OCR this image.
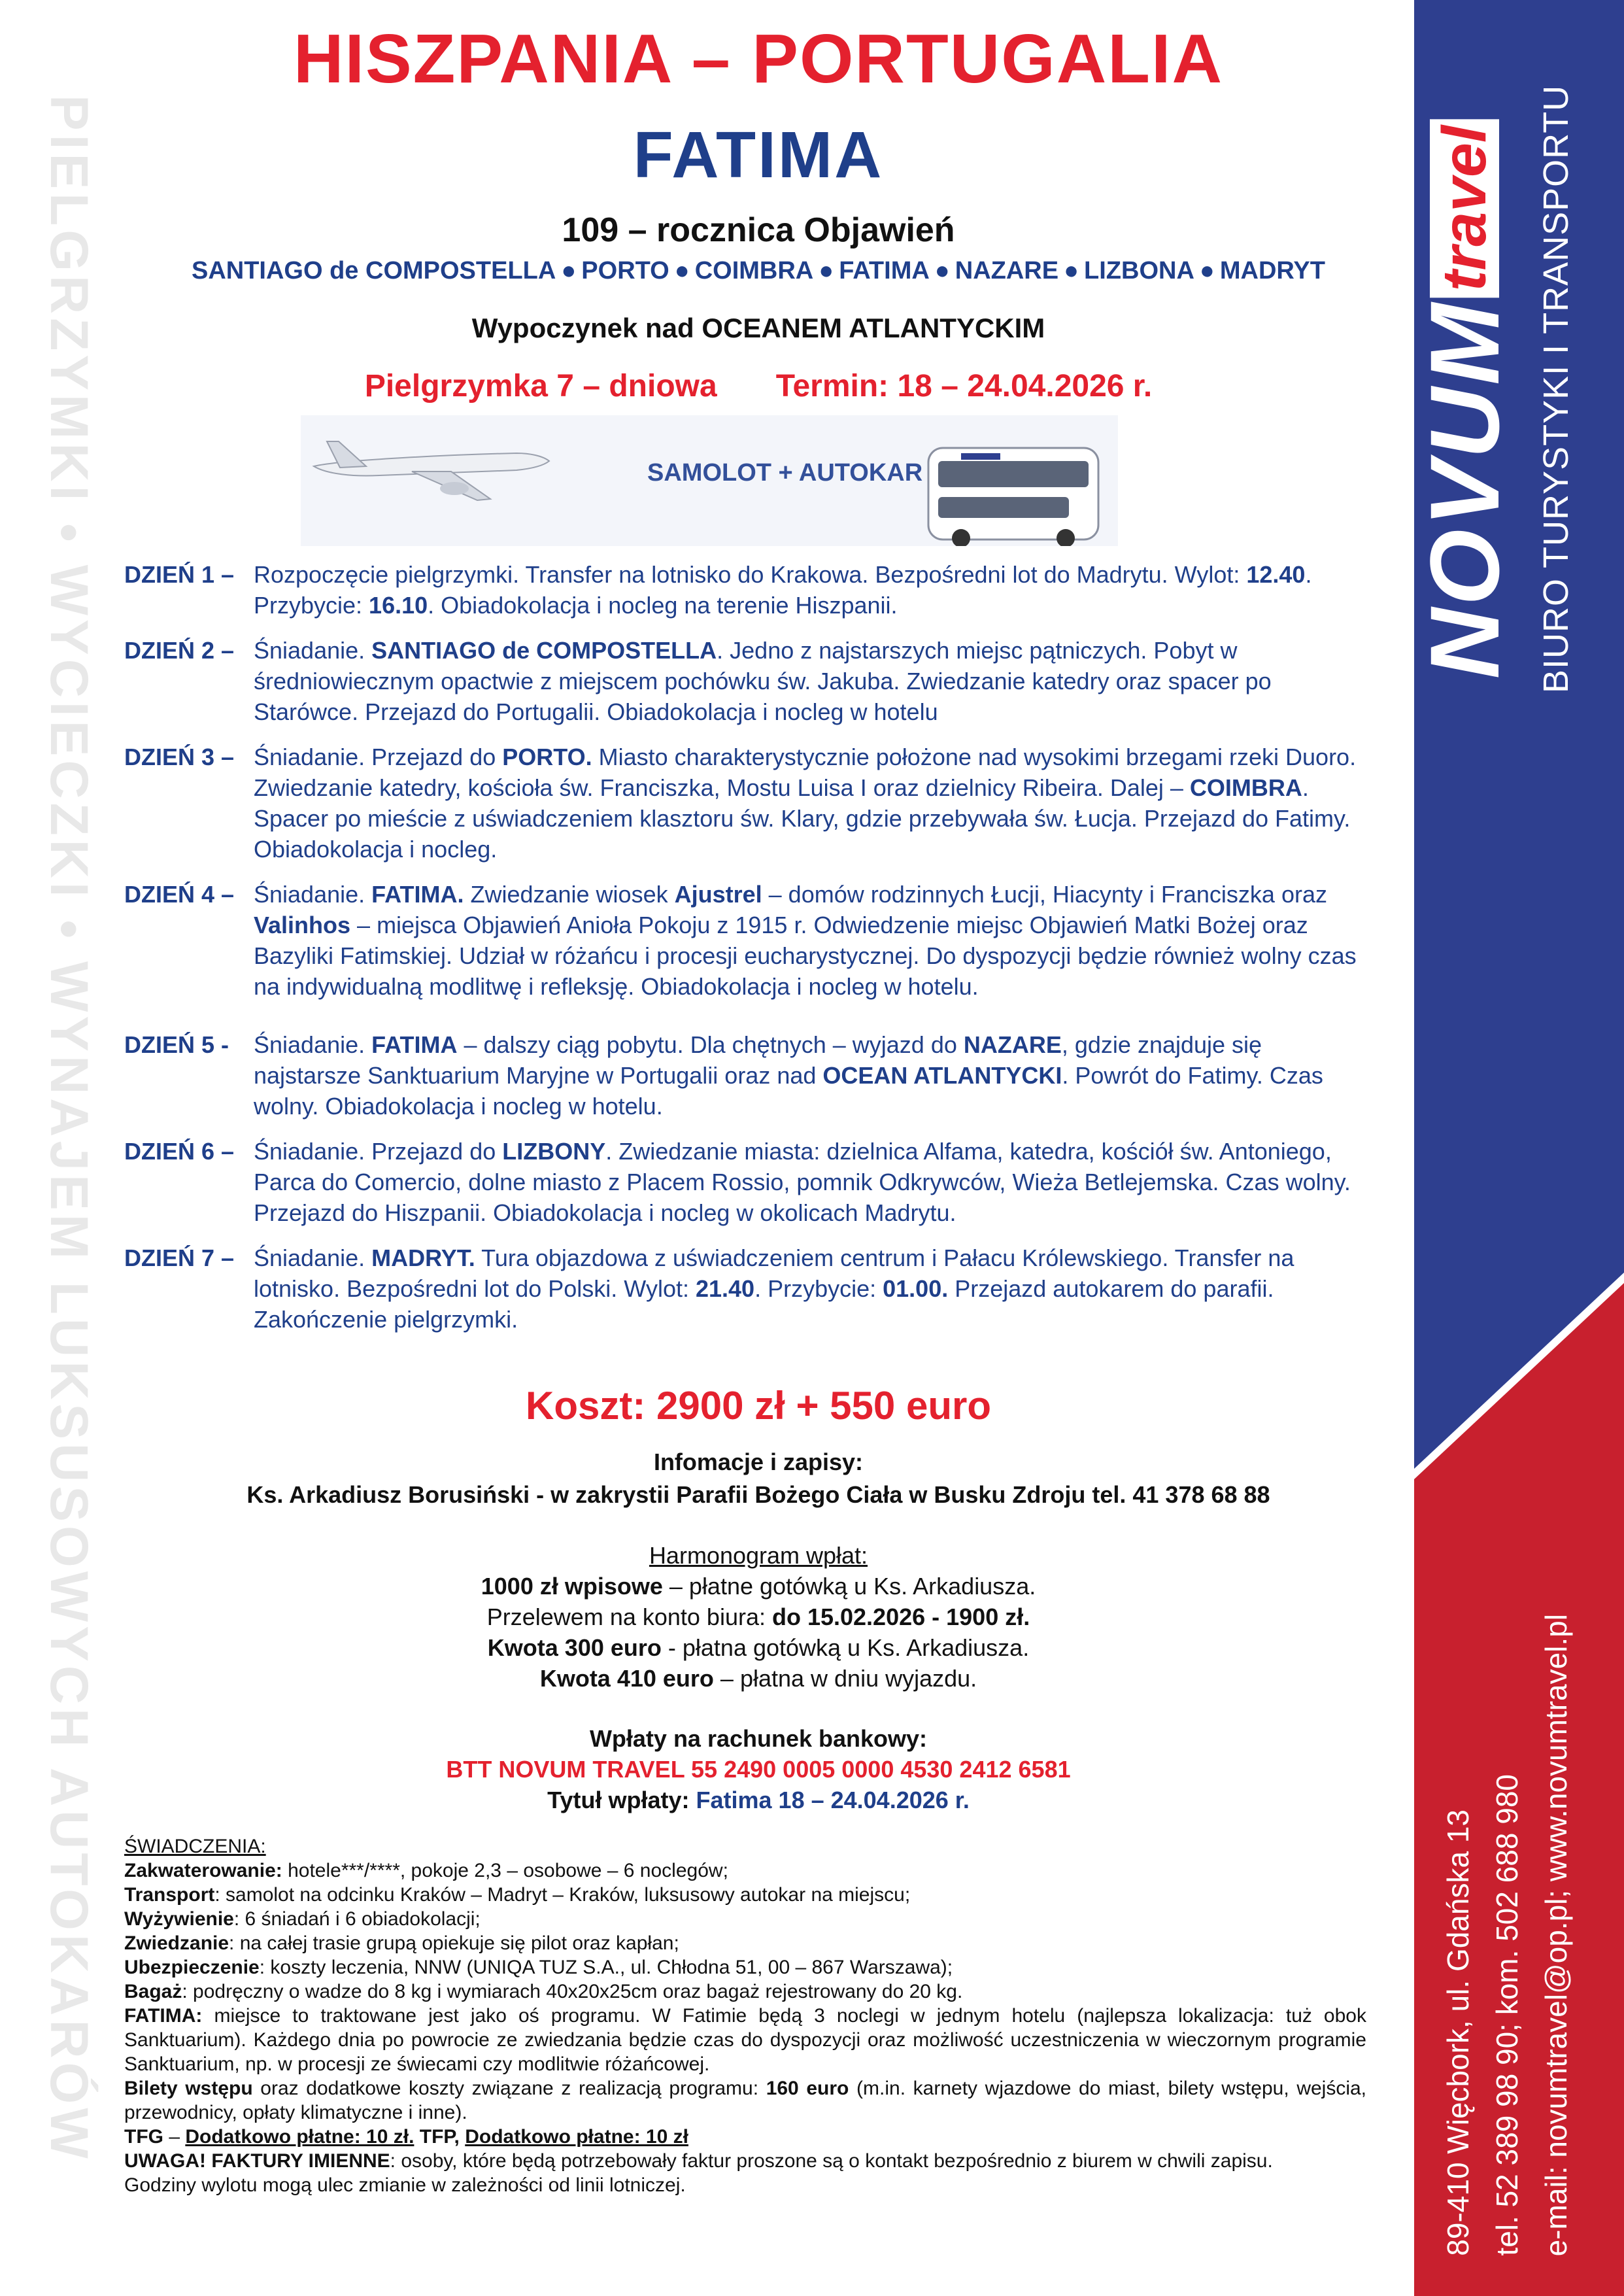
PIELGRZYMKI • WYCIECZKI • WYNAJEM LUKSUSOWYCH AUTOKARÓW	NOVUM travel	BIURO TURYSTYKI I TRANSPORTU
89-410 Więcbork, ul. Gdańska 13 tel. 52 389 98 90; kom. 502 688 980 e-mail: novumtravel@op.pl; www.novumtravel.pl
HISZPANIA – PORTUGALIA
FATIMA
109 – rocznica Objawień
SANTIAGO de COMPOSTELLA ● PORTO ● COIMBRA ● FATIMA ● NAZARE ● LIZBONA ● MADRYT
Wypoczynek nad OCEANEM ATLANTYCKIM
Pielgrzymka 7 – dniowa Termin: 18 – 24.04.2026 r.
SAMOLOT + AUTOKAR
DZIEŃ 1 – Rozpoczęcie pielgrzymki. Transfer na lotnisko do Krakowa. Bezpośredni lot do Madrytu. Wylot: 12.40. Przybycie: 16.10. Obiadokolacja i nocleg na terenie Hiszpanii.
DZIEŃ 2 – Śniadanie. SANTIAGO de COMPOSTELLA. Jedno z najstarszych miejsc pątniczych. Pobyt w średniowiecznym opactwie z miejscem pochówku św. Jakuba. Zwiedzanie katedry oraz spacer po Starówce. Przejazd do Portugalii. Obiadokolacja i nocleg w hotelu
DZIEŃ 3 – Śniadanie. Przejazd do PORTO. Miasto charakterystycznie położone nad wysokimi brzegami rzeki Duoro. Zwiedzanie katedry, kościoła św. Franciszka, Mostu Luisa I oraz dzielnicy Ribeira. Dalej – COIMBRA. Spacer po mieście z uświadczeniem klasztoru św. Klary, gdzie przebywała św. Łucja. Przejazd do Fatimy. Obiadokolacja i nocleg.
DZIEŃ 4 – Śniadanie. FATIMA. Zwiedzanie wiosek Ajustrel – domów rodzinnych Łucji, Hiacynty i Franciszka oraz Valinhos – miejsca Objawień Anioła Pokoju z 1915 r. Odwiedzenie miejsc Objawień Matki Bożej oraz Bazyliki Fatimskiej. Udział w różańcu i procesji eucharystycznej. Do dyspozycji będzie również wolny czas na indywidualną modlitwę i refleksję. Obiadokolacja i nocleg w hotelu.
DZIEŃ 5 - Śniadanie. FATIMA – dalszy ciąg pobytu. Dla chętnych – wyjazd do NAZARE, gdzie znajduje się najstarsze Sanktuarium Maryjne w Portugalii oraz nad OCEAN ATLANTYCKI. Powrót do Fatimy. Czas wolny. Obiadokolacja i nocleg w hotelu.
DZIEŃ 6 – Śniadanie. Przejazd do LIZBONY. Zwiedzanie miasta: dzielnica Alfama, katedra, kościół św. Antoniego, Parca do Comercio, dolne miasto z Placem Rossio, pomnik Odkrywców, Wieża Betlejemska. Czas wolny. Przejazd do Hiszpanii. Obiadokolacja i nocleg w okolicach Madrytu.
DZIEŃ 7 – Śniadanie. MADRYT. Tura objazdowa z uświadczeniem centrum i Pałacu Królewskiego. Transfer na lotnisko. Bezpośredni lot do Polski. Wylot: 21.40. Przybycie: 01.00. Przejazd autokarem do parafii. Zakończenie pielgrzymki.
Koszt: 2900 zł + 550 euro
Infomacje i zapisy:
Ks. Arkadiusz Borusiński - w zakrystii Parafii Bożego Ciała w Busku Zdroju tel. 41 378 68 88
Harmonogram wpłat:
1000 zł wpisowe – płatne gotówką u Ks. Arkadiusza.
Przelewem na konto biura: do 15.02.2026 - 1900 zł.
Kwota 300 euro - płatna gotówką u Ks. Arkadiusza.
Kwota 410 euro – płatna w dniu wyjazdu.
Wpłaty na rachunek bankowy:
BTT NOVUM TRAVEL 55 2490 0005 0000 4530 2412 6581
Tytuł wpłaty: Fatima 18 – 24.04.2026 r.

ŚWIADCZENIA:

Zakwaterowanie: hotele***/****, pokoje 2,3 – osobowe – 6 noclegów;

Transport: samolot na odcinku Kraków – Madryt – Kraków, luksusowy autokar na miejscu;

Wyżywienie: 6 śniadań i 6 obiadokolacji;

Zwiedzanie: na całej trasie grupą opiekuje się pilot oraz kapłan;

Ubezpieczenie: koszty leczenia, NNW (UNIQA TUZ S.A., ul. Chłodna 51, 00 – 867 Warszawa);

Bagaż: podręczny o wadze do 8 kg i wymiarach 40x20x25cm oraz bagaż rejestrowany do 20 kg.

FATIMA: miejsce to traktowane jest jako oś programu. W Fatimie będą 3 noclegi w jednym hotelu (najlepsza lokalizacja: tuż obok Sanktuarium). Każdego dnia po powrocie ze zwiedzania będzie czas do dyspozycji oraz możliwość uczestniczenia w wieczornym programie Sanktuarium, np. w procesji ze świecami czy modlitwie różańcowej.

Bilety wstępu oraz dodatkowe koszty związane z realizacją programu: 160 euro (m.in. karnety wjazdowe do miast, bilety wstępu, wejścia, przewodnicy, opłaty klimatyczne i inne).

TFG – Dodatkowo płatne: 10 zł. TFP, Dodatkowo płatne: 10 zł

UWAGA! FAKTURY IMIENNE: osoby, które będą potrzebowały faktur proszone są o kontakt bezpośrednio z biurem w chwili zapisu.

Godziny wylotu mogą ulec zmianie w zależności od linii lotniczej.
